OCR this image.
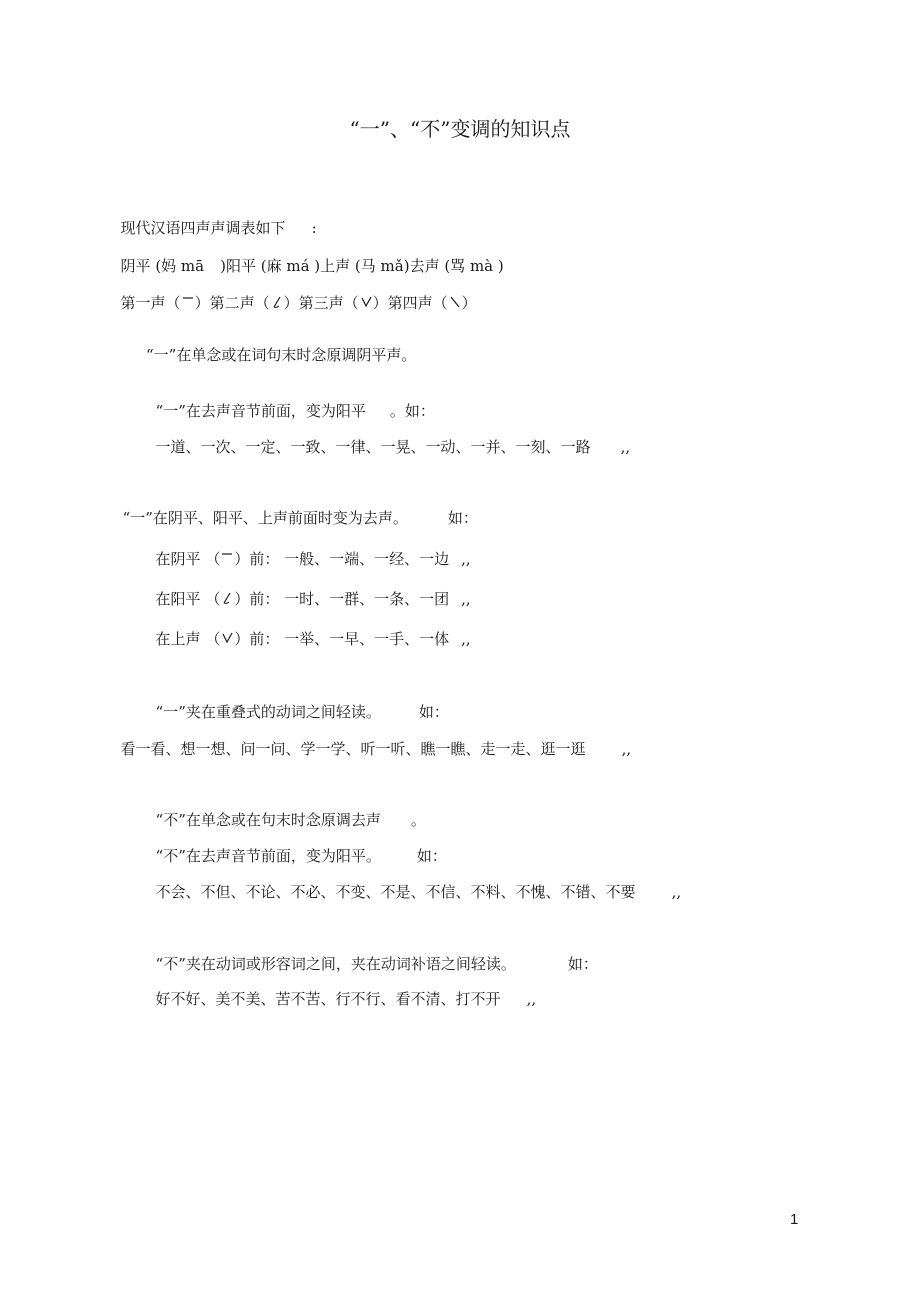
“一”、“不”变调的知识点

现代汉语四声声调表如下 :

阴平 (妈 mā )阳平 (麻 má )上声 (马 mǎ)去声 (骂 mà )

第一声（ ）第二声（ ）第三声（ ）第四声（ ）

“一”在单念或在词句末时念原调阴平声。

“一”在去声音节前面，变为阳平 。如：

一道、一次、一定、一致、一律、一晃、一动、一并、一刻、一路 ,,

“一”在阴平、阳平、上声前面时变为去声。	如：

在阴平 （ ）前： 一般、一端、一经、一边 ,,

在阳平 （ ）前： 一时、一群、一条、一团 ,,

在上声 （ ）前： 一举、一早、一手、一体 ,,

“一”夹在重叠式的动词之间轻读。	如：

看一看、想一想、问一问、学一学、听一听、瞧一瞧、走一走、逛一逛 ,,

“不”在单念或在句末时念原调去声 。

“不”在去声音节前面，变为阳平。 如：

不会、不但、不论、不必、不变、不是、不信、不料、不愧、不错、不要 ,,

“不”夹在动词或形容词之间，夹在动词补语之间轻读。	如：

好不好、美不美、苦不苦、行不行、看不清、打不开 ,,

1
